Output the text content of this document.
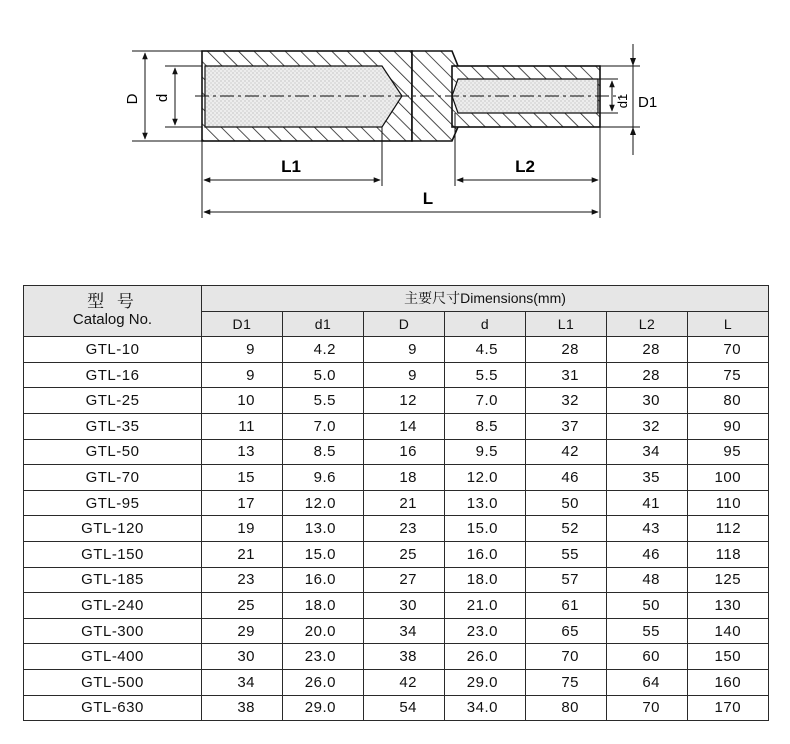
D d	d1 D1
L1	L2
L
型 号
Catalog No.	主要尺寸Dimensions(mm)						
	D1	d1	D	d	L1	L2	L
GTL-10	9	4.2	9	4.5	28	28	70
GTL-16	9	5.0	9	5.5	31	28	75
GTL-25	10	5.5	12	7.0	32	30	80
GTL-35	11	7.0	14	8.5	37	32	90
GTL-50	13	8.5	16	9.5	42	34	95
GTL-70	15	9.6	18	12.0	46	35	100
GTL-95	17	12.0	21	13.0	50	41	110
GTL-120	19	13.0	23	15.0	52	43	112
GTL-150	21	15.0	25	16.0	55	46	118
GTL-185	23	16.0	27	18.0	57	48	125
GTL-240	25	18.0	30	21.0	61	50	130
GTL-300	29	20.0	34	23.0	65	55	140
GTL-400	30	23.0	38	26.0	70	60	150
GTL-500	34	26.0	42	29.0	75	64	160
GTL-630	38	29.0	54	34.0	80	70	170
